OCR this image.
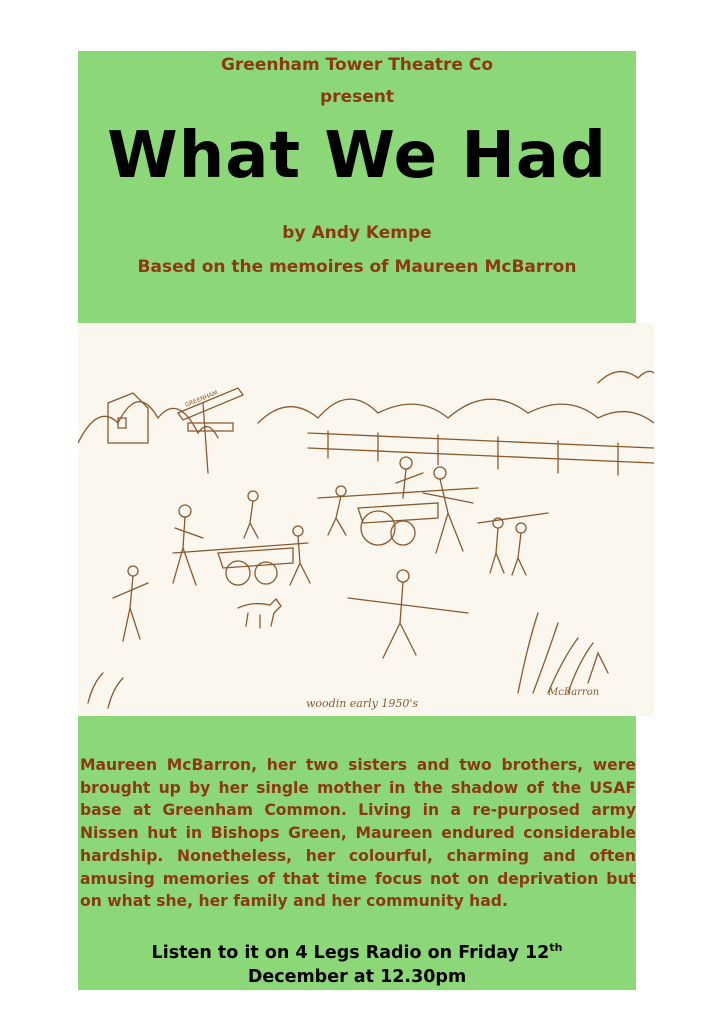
Greenham Tower Theatre Co
present
What We Had
by Andy Kempe
Based on the memoires of Maureen McBarron
woodin early 1950's
McBarron
GREENHAM
Maureen McBarron, her two sisters and two brothers, were brought up by her single mother in the shadow of the USAF base at Greenham Common. Living in a re-purposed army Nissen hut in Bishops Green, Maureen endured considerable hardship. Nonetheless, her colourful, charming and often amusing memories of that time focus not on deprivation but on what she, her family and her community had.
Listen to it on 4 Legs Radio on Friday 12th
December at 12.30pm
